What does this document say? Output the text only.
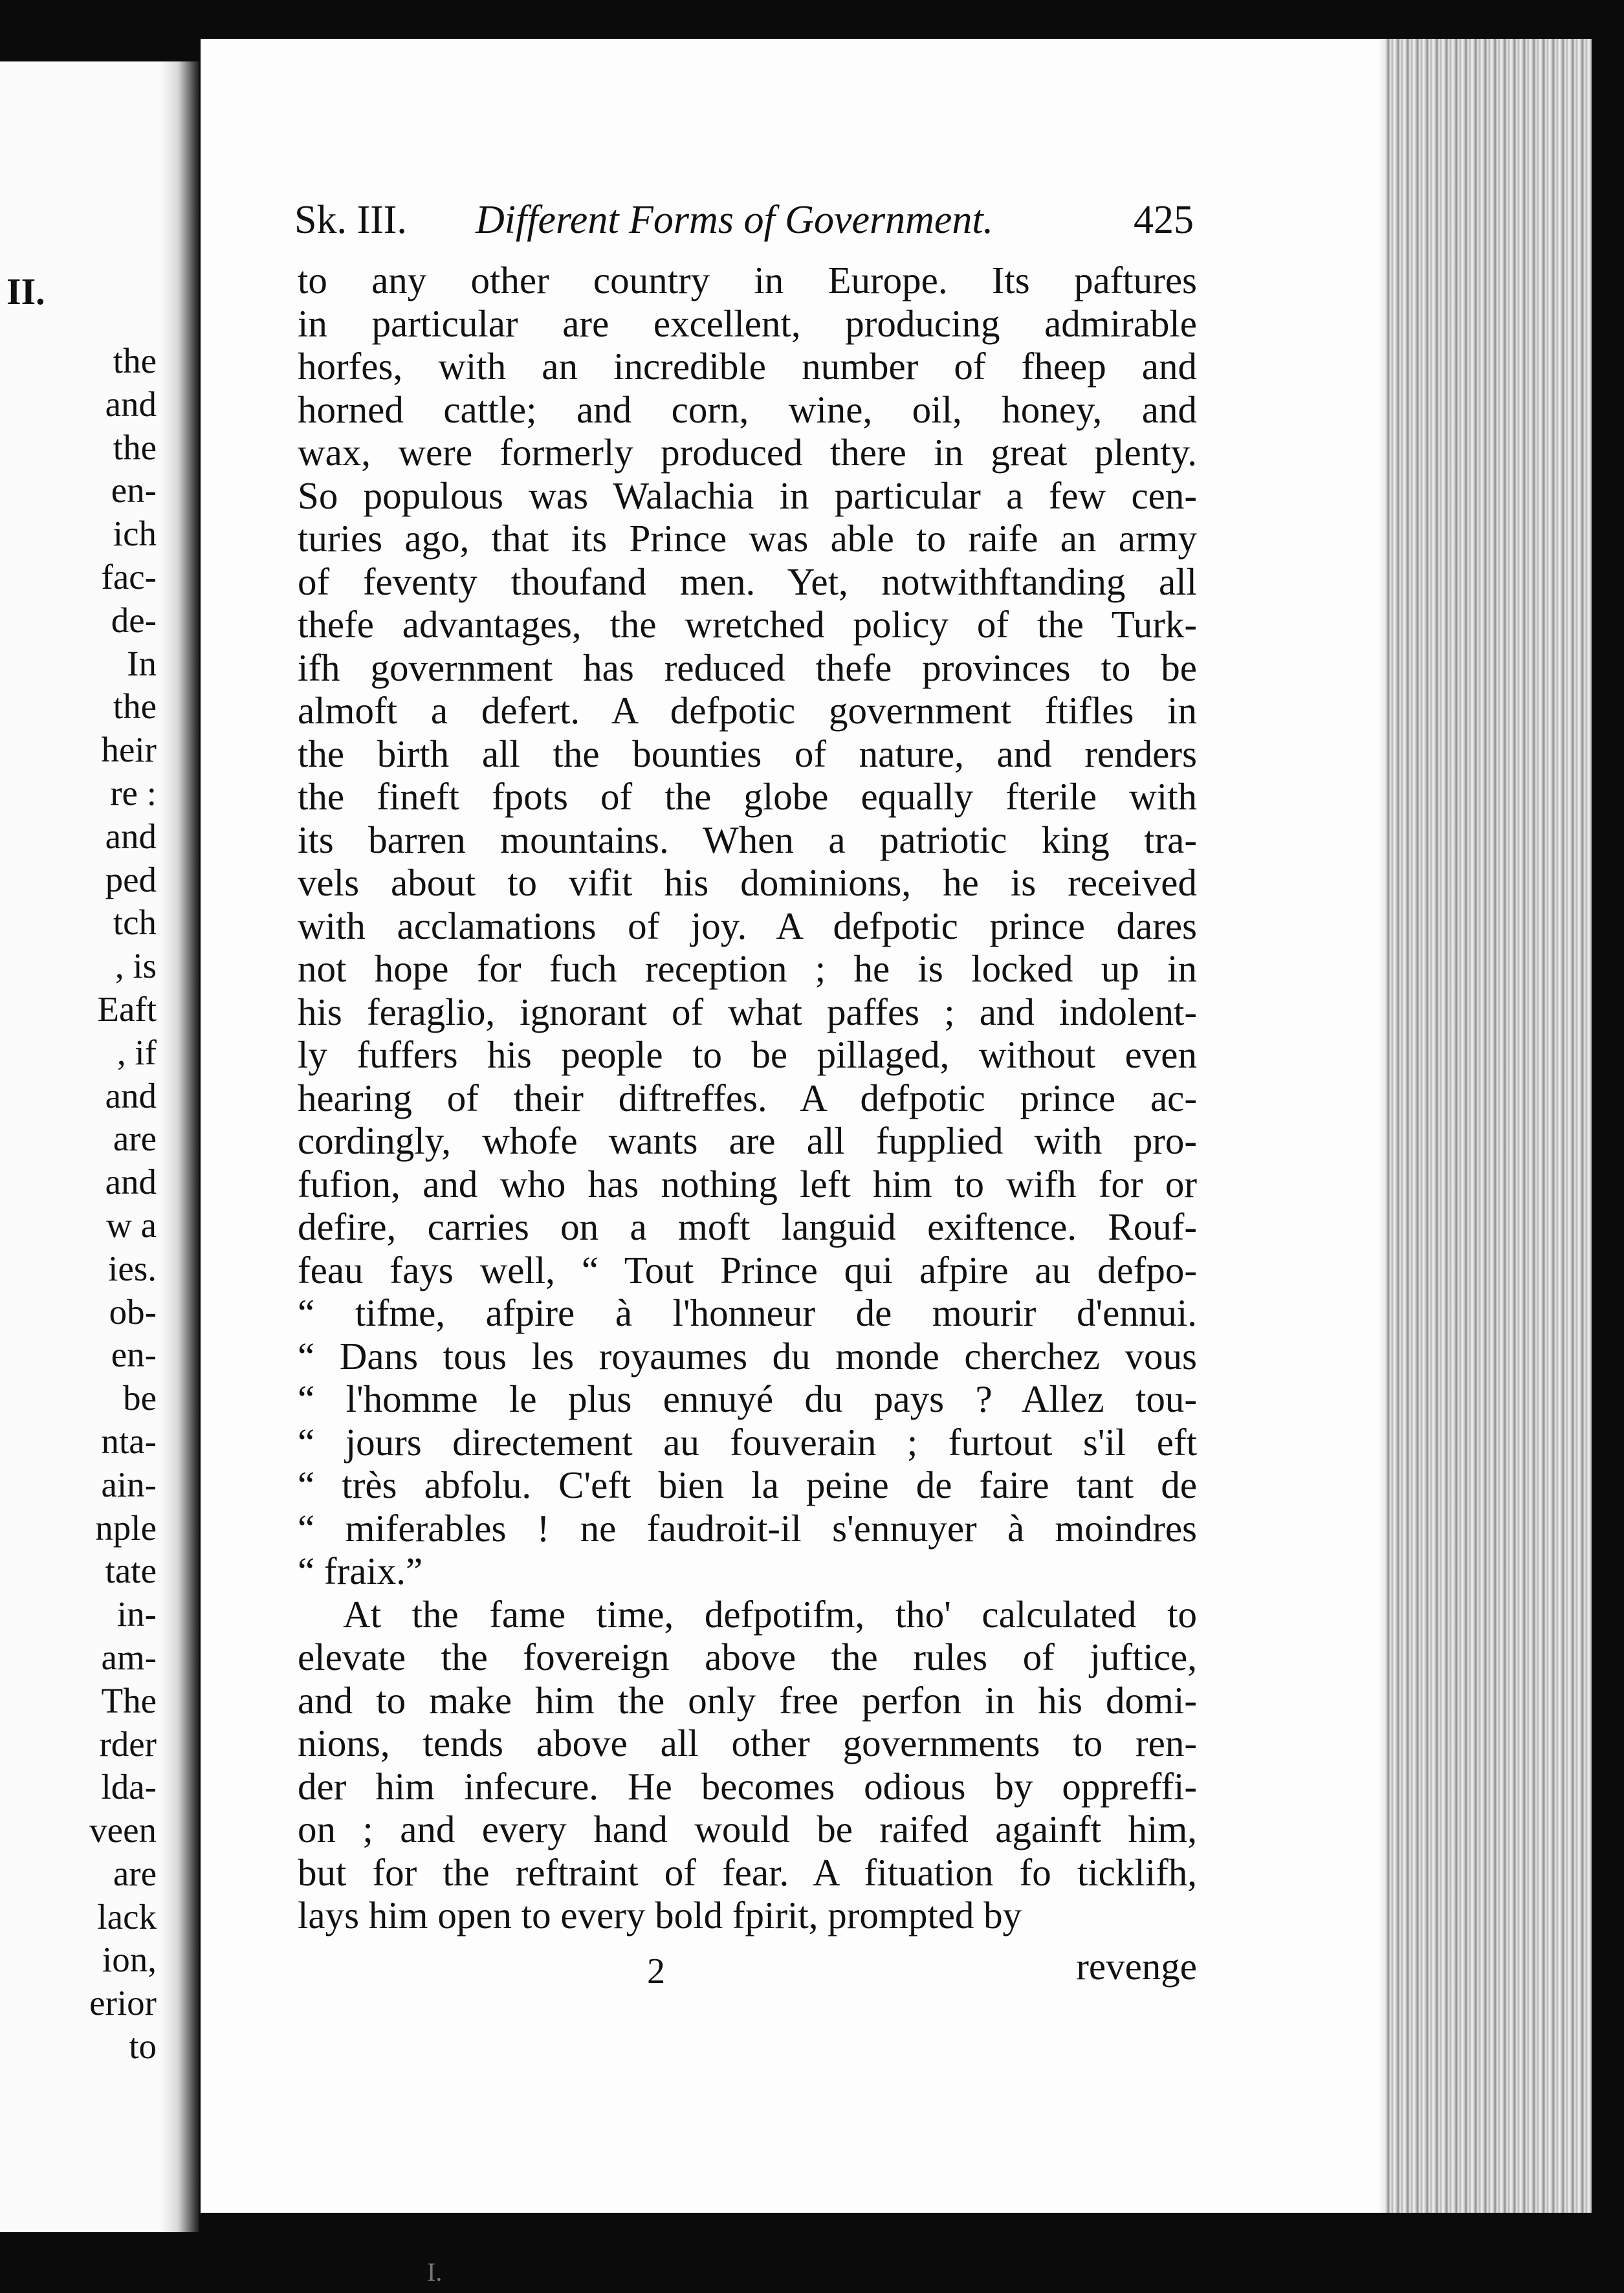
II.
the
and
the
en-
ich
fac-
de-
In
the
heir
re :
and
ped
tch
, is
Eaft
, if
and
are
and
w a
ies.
ob-
en-
be
nta-
ain-
nple
tate
in-
am-
The
rder
lda-
veen
are
lack
ion,
erior
to
Sk. III. Different Forms of Government.	425
to any other country in Europe. Its paftures
in particular are excellent, producing admirable
horfes, with an incredible number of fheep and
horned cattle; and corn, wine, oil, honey, and
wax, were formerly produced there in great plenty.
So populous was Walachia in particular a few cen-
turies ago, that its Prince was able to raife an army
of feventy thoufand men. Yet, notwithftanding all
thefe advantages, the wretched policy of the Turk-
ifh government has reduced thefe provinces to be
almoft a defert. A defpotic government ftifles in
the birth all the bounties of nature, and renders
the fineft fpots of the globe equally fterile with
its barren mountains. When a patriotic king tra-
vels about to vifit his dominions, he is received
with acclamations of joy. A defpotic prince dares
not hope for fuch reception ; he is locked up in
his feraglio, ignorant of what paffes ; and indolent-
ly fuffers his people to be pillaged, without even
hearing of their diftreffes. A defpotic prince ac-
cordingly, whofe wants are all fupplied with pro-
fufion, and who has nothing left him to wifh for or
defire, carries on a moft languid exiftence. Rouf-
feau fays well, “ Tout Prince qui afpire au defpo-
“ tifme, afpire à l'honneur de mourir d'ennui.
“ Dans tous les royaumes du monde cherchez vous
“ l'homme le plus ennuyé du pays ? Allez tou-
“ jours directement au fouverain ; furtout s'il eft
“ très abfolu. C'eft bien la peine de faire tant de
“ miferables ! ne faudroit-il s'ennuyer à moindres
“ fraix.”
At the fame time, defpotifm, tho' calculated to
elevate the fovereign above the rules of juftice,
and to make him the only free perfon in his domi-
nions, tends above all other governments to ren-
der him infecure. He becomes odious by oppreffi-
on ; and every hand would be raifed againft him,
but for the reftraint of fear. A fituation fo ticklifh,
lays him open to every bold fpirit, prompted by
2	revenge
I.
